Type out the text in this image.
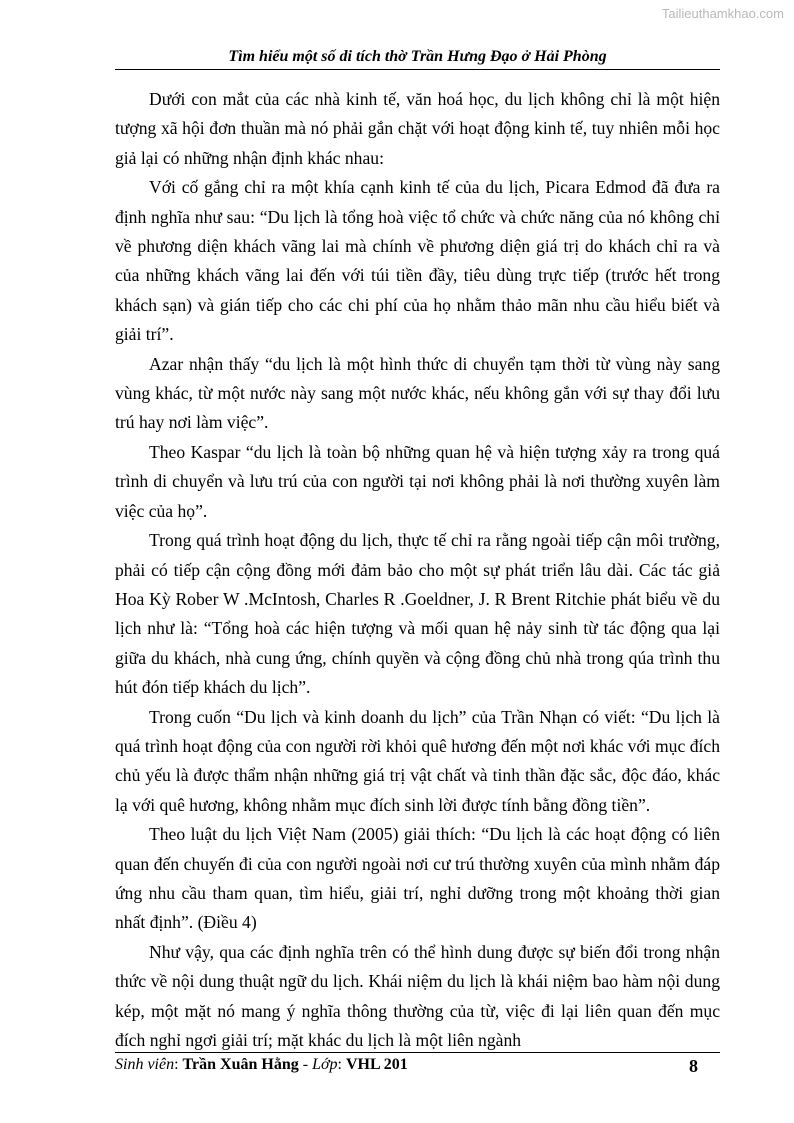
Tailieuthamkhao.com
Tìm hiểu một số di tích thờ Trần Hưng Đạo ở Hải Phòng

Dưới con mắt của các nhà kinh tế, văn hoá học, du lịch không chỉ là một hiện tượng xã hội đơn thuần mà nó phải gắn chặt với hoạt động kinh tế, tuy nhiên mỗi học giả lại có những nhận định khác nhau:

Với cố gắng chỉ ra một khía cạnh kinh tế của du lịch, Picara Edmod đã đưa ra định nghĩa như sau: “Du lịch là tổng hoà việc tổ chức và chức năng của nó không chỉ về phương diện khách vãng lai mà chính về phương diện giá trị do khách chỉ ra và của những khách vãng lai đến với túi tiền đầy, tiêu dùng trực tiếp (trước hết trong khách sạn) và gián tiếp cho các chi phí của họ nhằm thảo mãn nhu cầu hiểu biết và giải trí”.

Azar nhận thấy “du lịch là một hình thức di chuyển tạm thời từ vùng này sang vùng khác, từ một nước này sang một nước khác, nếu không gắn với sự thay đổi lưu trú hay nơi làm việc”.

Theo Kaspar “du lịch là toàn bộ những quan hệ và hiện tượng xảy ra trong quá trình di chuyển và lưu trú của con người tại nơi không phải là nơi thường xuyên làm việc của họ”.

Trong quá trình hoạt động du lịch, thực tế chỉ ra rằng ngoài tiếp cận môi trường, phải có tiếp cận cộng đồng mới đảm bảo cho một sự phát triển lâu dài. Các tác giả Hoa Kỳ Rober W .McIntosh, Charles R .Goeldner, J. R Brent Ritchie phát biểu về du lịch như là: “Tổng hoà các hiện tượng và mối quan hệ nảy sinh từ tác động qua lại giữa du khách, nhà cung ứng, chính quyền và cộng đồng chủ nhà trong qúa trình thu hút đón tiếp khách du lịch”.

Trong cuốn “Du lịch và kinh doanh du lịch” của Trần Nhạn có viết: “Du lịch là quá trình hoạt động của con người rời khỏi quê hương đến một nơi khác với mục đích chủ yếu là được thẩm nhận những giá trị vật chất và tinh thần đặc sắc, độc đáo, khác lạ với quê hương, không nhằm mục đích sinh lời được tính bằng đồng tiền”.

Theo luật du lịch Việt Nam (2005) giải thích: “Du lịch là các hoạt động có liên quan đến chuyến đi của con người ngoài nơi cư trú thường xuyên của mình nhằm đáp ứng nhu cầu tham quan, tìm hiểu, giải trí, nghỉ dưỡng trong một khoảng thời gian nhất định”. (Điều 4)

Như vậy, qua các định nghĩa trên có thể hình dung được sự biến đổi trong nhận thức về nội dung thuật ngữ du lịch. Khái niệm du lịch là khái niệm bao hàm nội dung kép, một mặt nó mang ý nghĩa thông thường của từ, việc đi lại liên quan đến mục đích nghỉ ngơi giải trí; mặt khác du lịch là một liên ngành

Sinh viên: Trần Xuân Hằng - Lớp: VHL 201	8
